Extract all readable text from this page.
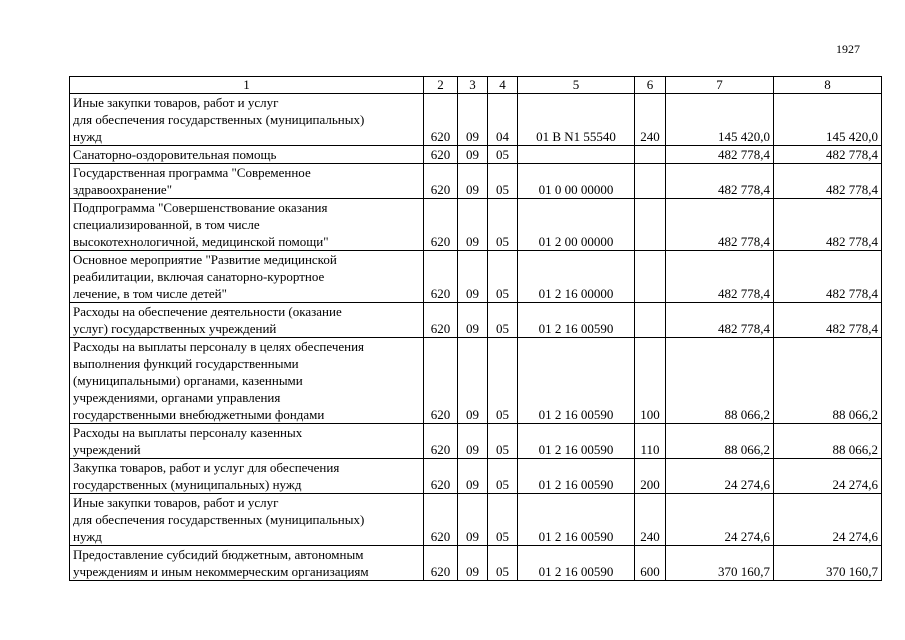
1927
1	2	3	4	5	6	7	8
Иные закупки товаров, работ и услуг
для обеспечения государственных (муниципальных)
нужд	620	09	04	01 В N1 55540	240	145 420,0	145 420,0
Санаторно-оздоровительная помощь	620	09	05			482 778,4	482 778,4
Государственная программа "Современное
здравоохранение"	620	09	05	01 0 00 00000		482 778,4	482 778,4
Подпрограмма "Совершенствование оказания
специализированной, в том числе
высокотехнологичной, медицинской помощи"	620	09	05	01 2 00 00000		482 778,4	482 778,4
Основное мероприятие "Развитие медицинской
реабилитации, включая санаторно-курортное
лечение, в том числе детей"	620	09	05	01 2 16 00000		482 778,4	482 778,4
Расходы на обеспечение деятельности (оказание
услуг) государственных учреждений	620	09	05	01 2 16 00590		482 778,4	482 778,4
Расходы на выплаты персоналу в целях обеспечения
выполнения функций государственными
(муниципальными) органами, казенными
учреждениями, органами управления
государственными внебюджетными фондами	620	09	05	01 2 16 00590	100	88 066,2	88 066,2
Расходы на выплаты персоналу казенных
учреждений	620	09	05	01 2 16 00590	110	88 066,2	88 066,2
Закупка товаров, работ и услуг для обеспечения
государственных (муниципальных) нужд	620	09	05	01 2 16 00590	200	24 274,6	24 274,6
Иные закупки товаров, работ и услуг
для обеспечения государственных (муниципальных)
нужд	620	09	05	01 2 16 00590	240	24 274,6	24 274,6
Предоставление субсидий бюджетным, автономным
учреждениям и иным некоммерческим организациям	620	09	05	01 2 16 00590	600	370 160,7	370 160,7
